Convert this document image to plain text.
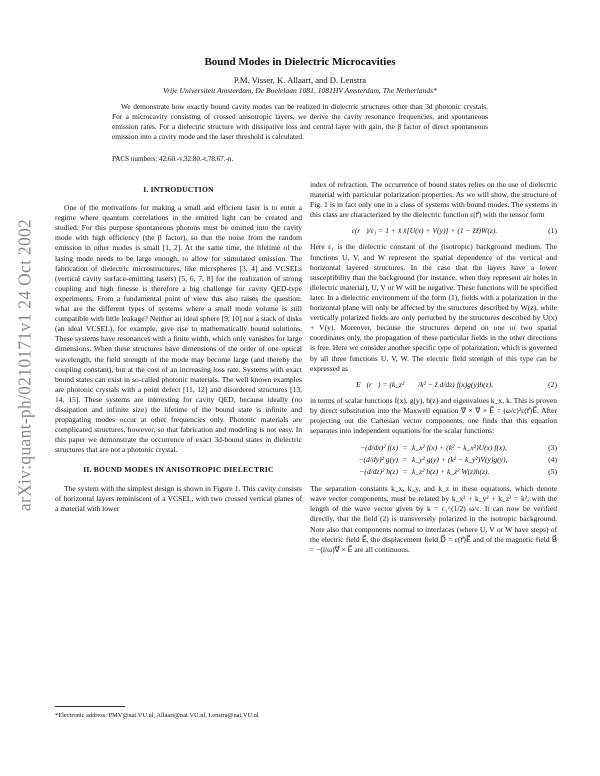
arXiv:quant-ph/0210171v1 24 Oct 2002
Bound Modes in Dielectric Microcavities
P.M. Visser, K. Allaart, and D. Lenstra
Vrije Universiteit Amsterdam, De Boelelaan 1081, 1081HV Amsterdam, The Netherlands*
We demonstrate how exactly bound cavity modes can be realized in dielectric structures other than 3d photonic crystals. For a microcavity consisting of crossed anisotropic layers, we derive the cavity resonance frequencies, and spontaneous emission rates. For a dielectric structure with dissipative loss and central layer with gain, the β factor of direct spontaneous emission into a cavity mode and the laser threshold is calculated.
PACS numbers: 42.60.-v,32.80.-t,78.67.-n.
I. INTRODUCTION

One of the motivations for making a small and efficient laser is to enter a regime where quantum correlations in the emitted light can be created and studied. For this purpose spontaneous photons must be emitted into the cavity mode with high efficiency (the β factor), so that the noise from the random emission in other modes is small [1, 2]. At the same time, the lifetime of the lasing mode needs to be large enough, to allow for stimulated emission. The fabrication of dielectric microstructures, like micrspheres [3, 4] and VCSELs (vertical cavity surface-emitting lasers) [5, 6, 7, 8] for the realization of strong coupling and high finesse is therefore a big challenge for cavity QED-type experiments. From a fundamental point of view this also raises the question: what are the different types of systems where a small mode volume is still compatible with little leakage? Neither an ideal sphere [9, 10] nor a stack of disks (an ideal VCSEL), for example, give rise to mathematically bound solutions. These systems have resonances with a finite width, which only vanishes for large dimensions. When these structures have dimensions of the order of one optical wavelength, the field strength of the mode may become large (and thereby the coupling constant), but at the cost of an increasing loss rate. Systems with exact bound states can exist in so-called photonic materials. The well known examples are photonic crystals with a point defect [11, 12] and disordered structures [13, 14, 15]. These systems are interesting for cavity QED, because ideally (no dissipation and infinite size) the lifetime of the bound state is infinite and propagating modes occur at other frequencies only. Photonic materials are complicated structures, however, so that fabrication and modeling is not easy. In this paper we demonstrate the occurrence of exact 3d-bound states in dielectric structures that are not a photonic crystal.

II. BOUND MODES IN ANISOTROPIC DIELECTRIC

The system with the simplest design is shown in Figure 1. This cavity consists of horizontal layers reminiscent of a VCSEL, with two crossed vertical planes of a material with lower

*Electronic address: PMV@nat.VU.nl, Allaart@nat.VU.nl, Lenstra@nat.VU.nl

index of refraction. The occurrence of bound states relies on the use of dielectric material with particular polarization properties. As we will show, the structure of Fig. 1 is in fact only one in a class of systems with bound modes. The systems in this class are characterized by the dielectric function ε(r⃗) with the tensor form

ε(r⃗)/ε₁ = 1 + x̂ x̂[U(x) + V(y)] + (1 − ẑẑ)W(z).	(1)

Here ε₁ is the dielectric constant of the (isotropic) background medium. The functions U, V, and W represent the spatial dependence of the vertical and horizontal layered structures. In the case that the layers have a lower susceptibility than the background (for instance, when they represent air holes in dielectric material), U, V or W will be negative. These functions will be specified later. In a dielectric environment of the form (1), fields with a polarization in the horizontal plane will only be affected by the structures described by W(z), while vertically polarized fields are only perturbed by the structures described by U(x) + V(y). Moreover, because the structures depend on one or two spatial coordinates only, the propagation of these particular fields in the other directions is free. Here we consider another specific type of polarization, which is governed by all three functions U, V, W. The electric field strength of this type can be expressed as

E⃗(r⃗) = (k_z² ∇⃗/k² − ẑ d/dz) f(x)g(y)h(z),	(2)

in terms of scalar functions f(x), g(y), h(z) and eigenvalues k_x, k. This is proven by direct substitution into the Maxwell equation ∇⃗ × ∇⃗ × E⃗ = (ω/c)²ε(r⃗)E⃗. After projecting out the Cartesian vector components, one finds that this equation separates into independent equations for the scalar functions:

−(d/dx)² f(x) = k_x² f(x) + (k² − k_x²)U(x) f(x),	(3)
−(d/dy)² g(y) = k_y² g(y) + (k² − k_y²)V(y)g(y),	(4)
−(d/dz)² h(z) = k_z² h(z) + k_z² W(z)h(z).	(5)

The separation constants k_x, k_y, and k_z in these equations, which denote wave vector components, must be related by k_x² + k_y² + k_z² = k², with the length of the wave vector given by k = ε₁^(1/2) ω/c. It can now be verified directly, that the field (2) is transversely polarized in the isotropic background. Note also that components normal to interfaces (where U, V or W have steps) of the electric field E⃗, the displacement field D⃗ = ε(r⃗)E⃗ and of the magnetic field B⃗ = −(i/ω)∇⃗ × E⃗ are all continuous.
